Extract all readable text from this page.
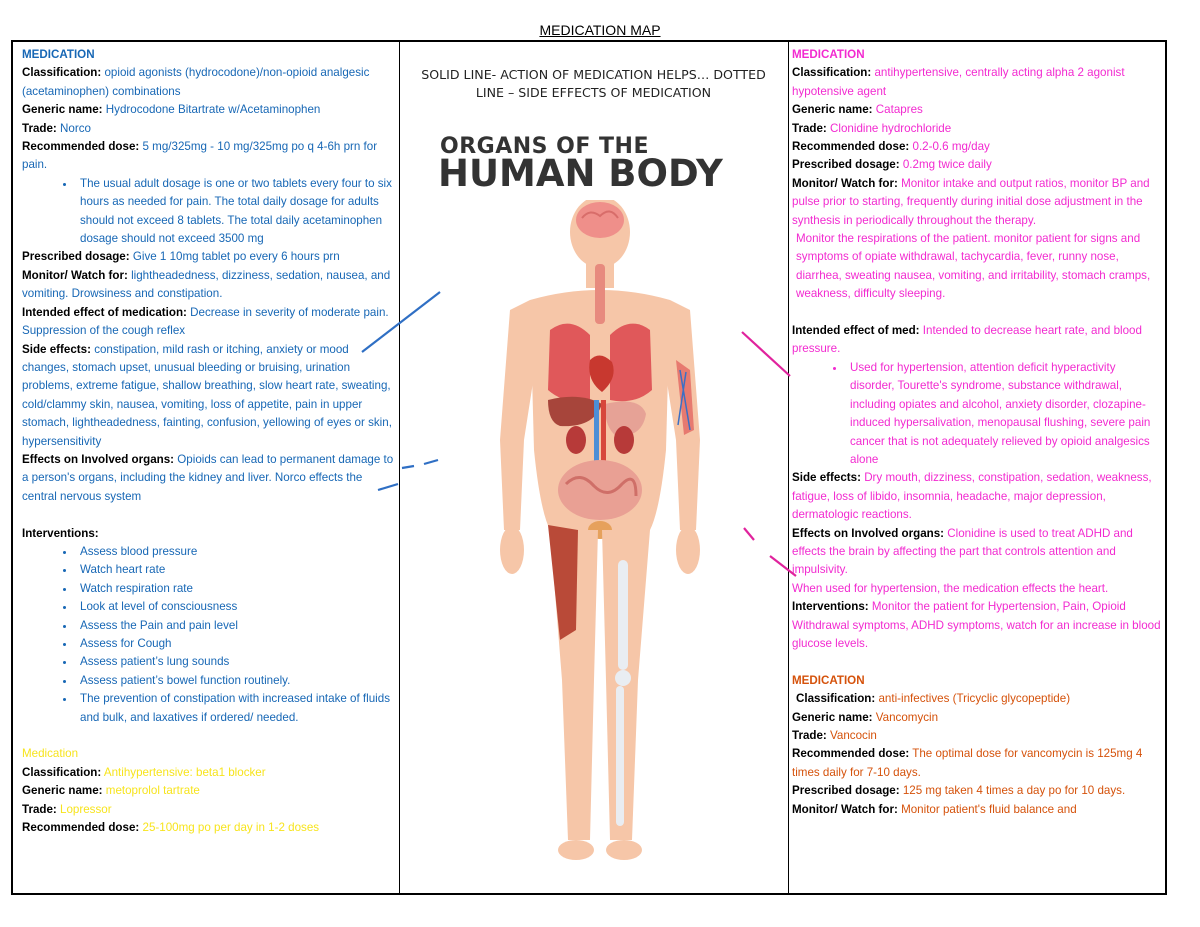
MEDICATION MAP

MEDICATION

Classification: opioid agonists (hydrocodone)/non-opioid analgesic (acetaminophen) combinations

Generic name: Hydrocodone Bitartrate w/Acetaminophen

Trade: Norco

Recommended dose: 5 mg/325mg - 10 mg/325mg po q 4-6h prn for pain.

• The usual adult dosage is one or two tablets every four to six hours as needed for pain. The total daily dosage for adults should not exceed 8 tablets. The total daily acetaminophen dosage should not exceed 3500 mg

Prescribed dosage: Give 1 10mg tablet po every 6 hours prn

Monitor/ Watch for: lightheadedness, dizziness, sedation, nausea, and vomiting. Drowsiness and constipation.

Intended effect of medication: Decrease in severity of moderate pain. Suppression of the cough reflex

Side effects: constipation, mild rash or itching, anxiety or mood changes, stomach upset, unusual bleeding or bruising, urination problems, extreme fatigue, shallow breathing, slow heart rate, sweating, cold/clammy skin, nausea, vomiting, loss of appetite, pain in upper stomach, lightheadedness, fainting, confusion, yellowing of eyes or skin, hypersensitivity

Effects on Involved organs: Opioids can lead to permanent damage to a person's organs, including the kidney and liver. Norco effects the central nervous system

Interventions:

• Assess blood pressure
• Watch heart rate
• Watch respiration rate
• Look at level of consciousness
• Assess the Pain and pain level
• Assess for Cough
• Assess patient’s lung sounds
• Assess patient’s bowel function routinely.
• The prevention of constipation with increased intake of fluids and bulk, and laxatives if ordered/ needed.

Medication

Classification: Antihypertensive: beta1 blocker

Generic name: metoprolol tartrate

Trade: Lopressor

Recommended dose: 25-100mg po per day in 1-2 doses

SOLID LINE- ACTION OF MEDICATION HELPS… DOTTED LINE – SIDE EFFECTS OF MEDICATION

MEDICATION

Classification: antihypertensive, centrally acting alpha 2 agonist hypotensive agent

Generic name: Catapres

Trade: Clonidine hydrochloride

Recommended dose: 0.2-0.6 mg/day

Prescribed dosage: 0.2mg twice daily

Monitor/ Watch for: Monitor intake and output ratios, monitor BP and pulse prior to starting, frequently during initial dose adjustment in the synthesis in periodically throughout the therapy.

Monitor the respirations of the patient. monitor patient for signs and symptoms of opiate withdrawal, tachycardia, fever, runny nose, diarrhea, sweating nausea, vomiting, and irritability, stomach cramps, weakness, difficulty sleeping.

Intended effect of med: Intended to decrease heart rate, and blood pressure.

• Used for hypertension, attention deficit hyperactivity disorder, Tourette's syndrome, substance withdrawal, including opiates and alcohol, anxiety disorder, clozapine-induced hypersalivation, menopausal flushing, severe pain cancer that is not adequately relieved by opioid analgesics alone

Side effects: Dry mouth, dizziness, constipation, sedation, weakness, fatigue, loss of libido, insomnia, headache, major depression, dermatologic reactions.

Effects on Involved organs: Clonidine is used to treat ADHD and effects the brain by affecting the part that controls attention and impulsivity.

When used for hypertension, the medication effects the heart.

Interventions: Monitor the patient for Hypertension, Pain, Opioid Withdrawal symptoms, ADHD symptoms, watch for an increase in blood glucose levels.

MEDICATION

Classification: anti-infectives (Tricyclic glycopeptide)

Generic name: Vancomycin

Trade: Vancocin

Recommended dose: The optimal dose for vancomycin is 125mg 4 times daily for 7-10 days.

Prescribed dosage: 125 mg taken 4 times a day po for 10 days.

Monitor/ Watch for: Monitor patient's fluid balance and

ORGANS OF THE
HUMAN BODY
